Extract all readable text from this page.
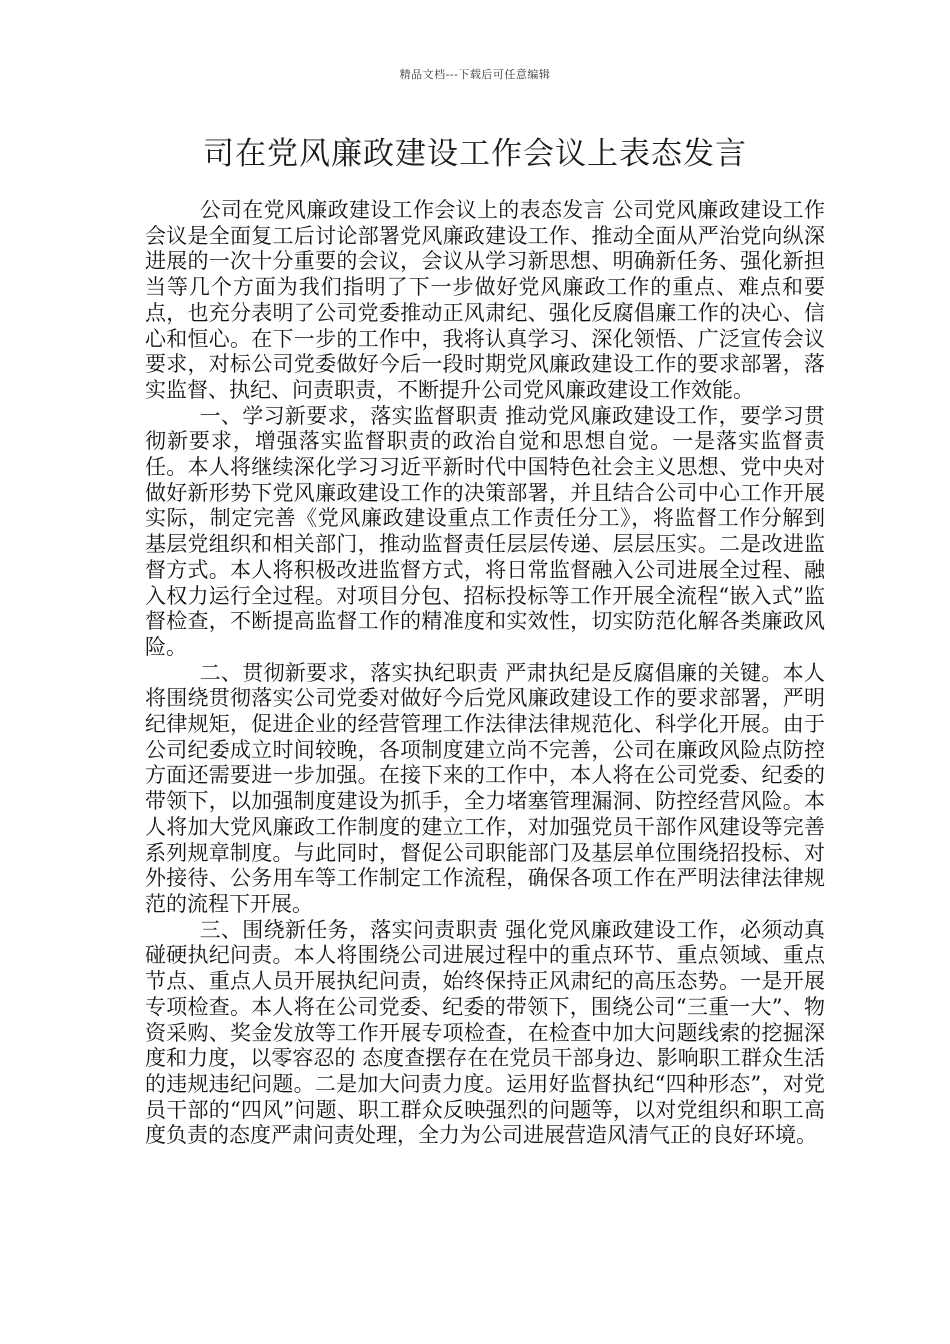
精品文档---下载后可任意编辑
司在党风廉政建设工作会议上表态发言

公司在党风廉政建设工作会议上的表态发言 公司党风廉政建设工作会议是全面复工后讨论部署党风廉政建设工作、推动全面从严治党向纵深进展的一次十分重要的会议，会议从学习新思想、明确新任务、强化新担当等几个方面为我们指明了下一步做好党风廉政工作的重点、难点和要点，也充分表明了公司党委推动正风肃纪、强化反腐倡廉工作的决心、信心和恒心。在下一步的工作中，我将认真学习、深化领悟、广泛宣传会议要求，对标公司党委做好今后一段时期党风廉政建设工作的要求部署，落实监督、执纪、问责职责，不断提升公司党风廉政建设工作效能。

一、学习新要求，落实监督职责 推动党风廉政建设工作，要学习贯彻新要求，增强落实监督职责的政治自觉和思想自觉。一是落实监督责任。本人将继续深化学习习近平新时代中国特色社会主义思想、党中央对做好新形势下党风廉政建设工作的决策部署，并且结合公司中心工作开展实际，制定完善《党风廉政建设重点工作责任分工》，将监督工作分解到基层党组织和相关部门，推动监督责任层层传递、层层压实。二是改进监督方式。本人将积极改进监督方式，将日常监督融入公司进展全过程、融 入权力运行全过程。对项目分包、招标投标等工作开展全流程“嵌入式”监督检查，不断提高监督工作的精准度和实效性，切实防范化解各类廉政风险。

二、贯彻新要求，落实执纪职责 严肃执纪是反腐倡廉的关键。本人将围绕贯彻落实公司党委对做好今后党风廉政建设工作的要求部署，严明纪律规矩，促进企业的经营管理工作法律法律规范化、科学化开展。由于公司纪委成立时间较晚，各项制度建立尚不完善，公司在廉政风险点防控方面还需要进一步加强。在接下来的工作中，本人将在公司党委、纪委的带领下，以加强制度建设为抓手，全力堵塞管理漏洞、防控经营风险。本人将加大党风廉政工作制度的建立工作，对加强党员干部作风建设等完善系列规章制度。与此同时，督促公司职能部门及基层单位围绕招投标、对外接待、公务用车等工作制定工作流程，确保各项工作在严明法律法律规范的流程下开展。

三、围绕新任务，落实问责职责 强化党风廉政建设工作，必须动真碰硬执纪问责。本人将围绕公司进展过程中的重点环节、重点领域、重点节点、重点人员开展执纪问责，始终保持正风肃纪的高压态势。一是开展专项检查。本人将在公司党委、纪委的带领下，围绕公司“三重一大”、物资采购、奖金发放等工作开展专项检查，在检查中加大问题线索的挖掘深度和力度，以零容忍的 态度查摆存在在党员干部身边、影响职工群众生活的违规违纪问题。二是加大问责力度。运用好监督执纪“四种形态”，对党员干部的“四风”问题、职工群众反映强烈的问题等，以对党组织和职工高度负责的态度严肃问责处理，全力为公司进展营造风清气正的良好环境。
